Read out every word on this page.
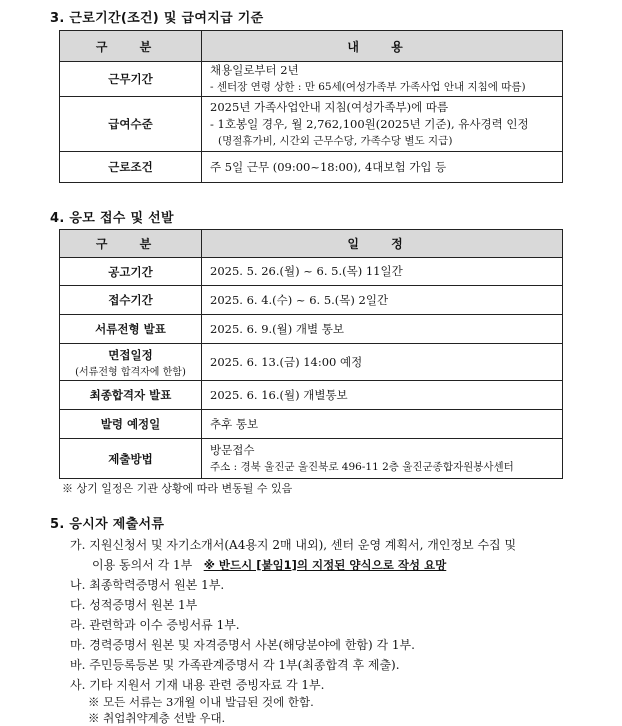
3. 근로기간(조건) 및 급여지급 기준
구 분	내 용
근무기간	채용일로부터 2년
- 센터장 연령 상한 : 만 65세(여성가족부 가족사업 안내 지침에 따름)

급여수준	2025년 가족사업안내 지침(여성가족부)에 따름
- 1호봉일 경우, 월 2,762,100원(2025년 기준), 유사경력 인정
(명절휴가비, 시간외 근무수당, 가족수당 별도 지급)

근로조건	주 5일 근무 (09:00~18:00), 4대보험 가입 등
4. 응모 접수 및 선발
구 분	일 정
공고기간	2025. 5. 26.(월) ~ 6. 5.(목) 11일간
접수기간	2025. 6. 4.(수) ~ 6. 5.(목) 2일간
서류전형 발표	2025. 6. 9.(월) 개별 통보
면접일정
(서류전형 합격자에 한함)	2025. 6. 13.(금) 14:00 예정
최종합격자 발표	2025. 6. 16.(월) 개별통보
발령 예정일	추후 통보
제출방법	방문접수
주소 : 경북 울진군 울진북로 496-11 2층 울진군종합자원봉사센터
※ 상기 일정은 기관 상황에 따라 변동될 수 있음
5. 응시자 제출서류
가. 지원신청서 및 자기소개서(A4용지 2매 내외), 센터 운영 계획서, 개인정보 수집 및
이용 동의서 각 1부 ※ 반드시 [붙임1]의 지정된 양식으로 작성 요망
나. 최종학력증명서 원본 1부.
다. 성적증명서 원본 1부
라. 관련학과 이수 증빙서류 1부.
마. 경력증명서 원본 및 자격증명서 사본(해당분야에 한함) 각 1부.
바. 주민등록등본 및 가족관계증명서 각 1부(최종합격 후 제출).
사. 기타 지원서 기재 내용 관련 증빙자료 각 1부.
※ 모든 서류는 3개월 이내 발급된 것에 한함.
※ 취업취약계층 선발 우대.
